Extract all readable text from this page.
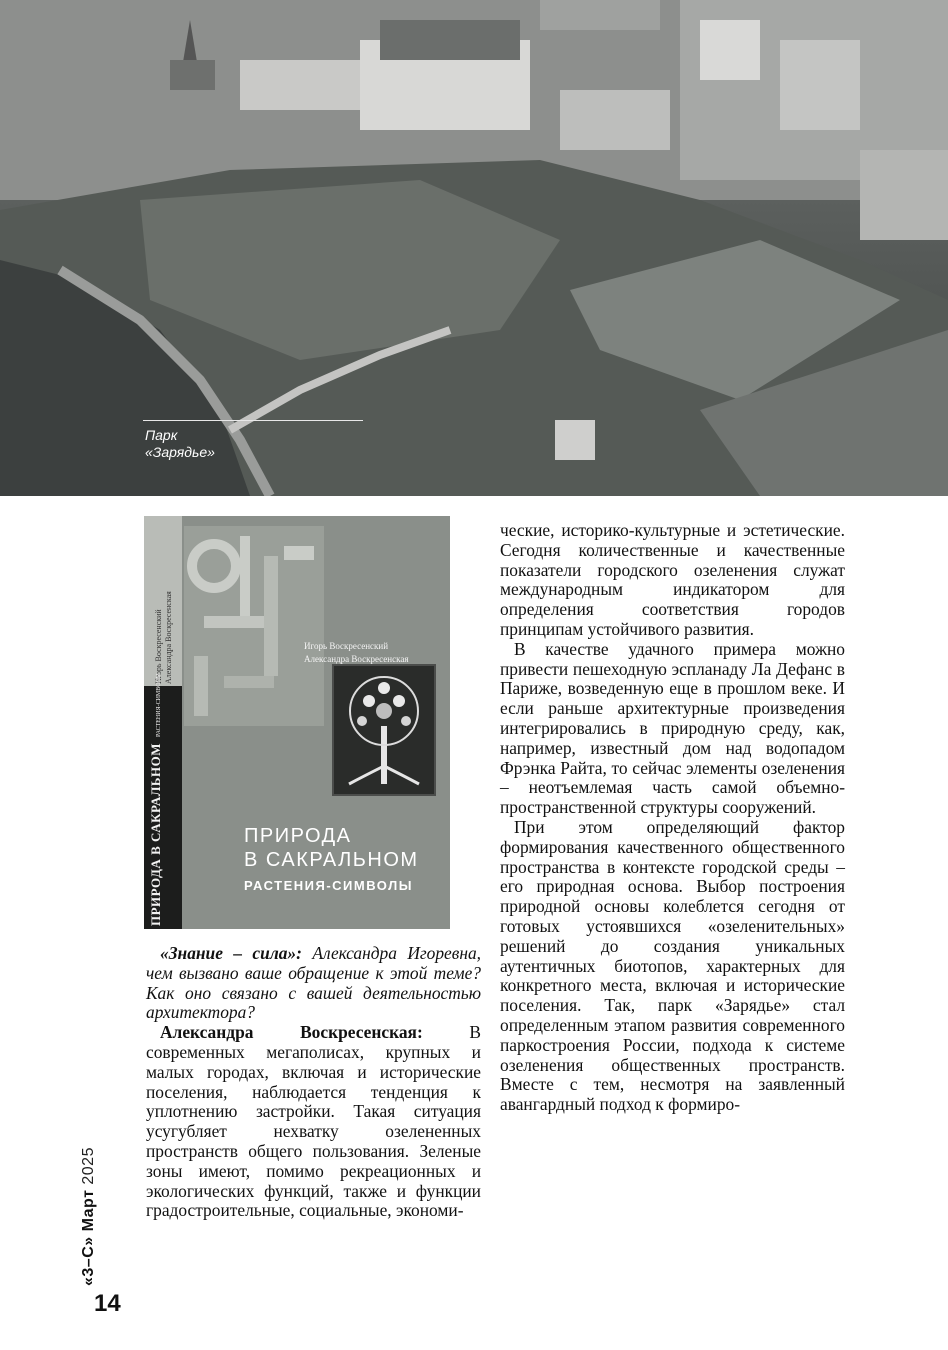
Парк
«Зарядье»
Игорь Воскресенский Александра Воскресенская
ПРИРОДА В САКРАЛЬНОМРАСТЕНИЯ-СИМВОЛЫ
Игорь Воскресенский
Александра Воскресенская
ПРИРОДА
В САКРАЛЬНОМ
РАСТЕНИЯ-СИМВОЛЫ

«Знание – сила»: Александра Игоревна, чем вызвано ваше обращение к этой теме? Как оно связано с вашей деятельностью архитектора?

Александра Воскресенская: В современных мегаполисах, крупных и малых городах, включая и исторические поселения, наблюдается тенденция к уплотнению застройки. Такая ситуация усугубляет нехватку озелененных пространств общего пользования. Зеленые зоны имеют, помимо рекреационных и экологических функций, также и функции градостроительные, социальные, экономи-

ческие, историко-культурные и эстетические. Сегодня количественные и качественные показатели городского озеленения служат международным индикатором для определения соответствия городов принципам устойчивого развития.

В качестве удачного примера можно привести пешеходную эспланаду Ла Дефанс в Париже, возведенную еще в прошлом веке. И если раньше архитектурные произведения интегрировались в природную среду, как, например, известный дом над водопадом Фрэнка Райта, то сейчас элементы озеленения – неотъемлемая часть самой объемно-пространственной структуры сооружений.

При этом определяющий фактор формирования качественного общественного пространства в контексте городской среды – его природная основа. Выбор построения природной основы колеблется сегодня от готовых устоявшихся «озеленительных» решений до создания уникальных аутентичных биотопов, характерных для конкретного места, включая и исторические поселения. Так, парк «Зарядье» стал определенным этапом развития современного паркостроения России, подхода к системе озеленения общественных пространств. Вместе с тем, несмотря на заявленный авангардный подход к формиро-

«3–С» Март 2025
14
